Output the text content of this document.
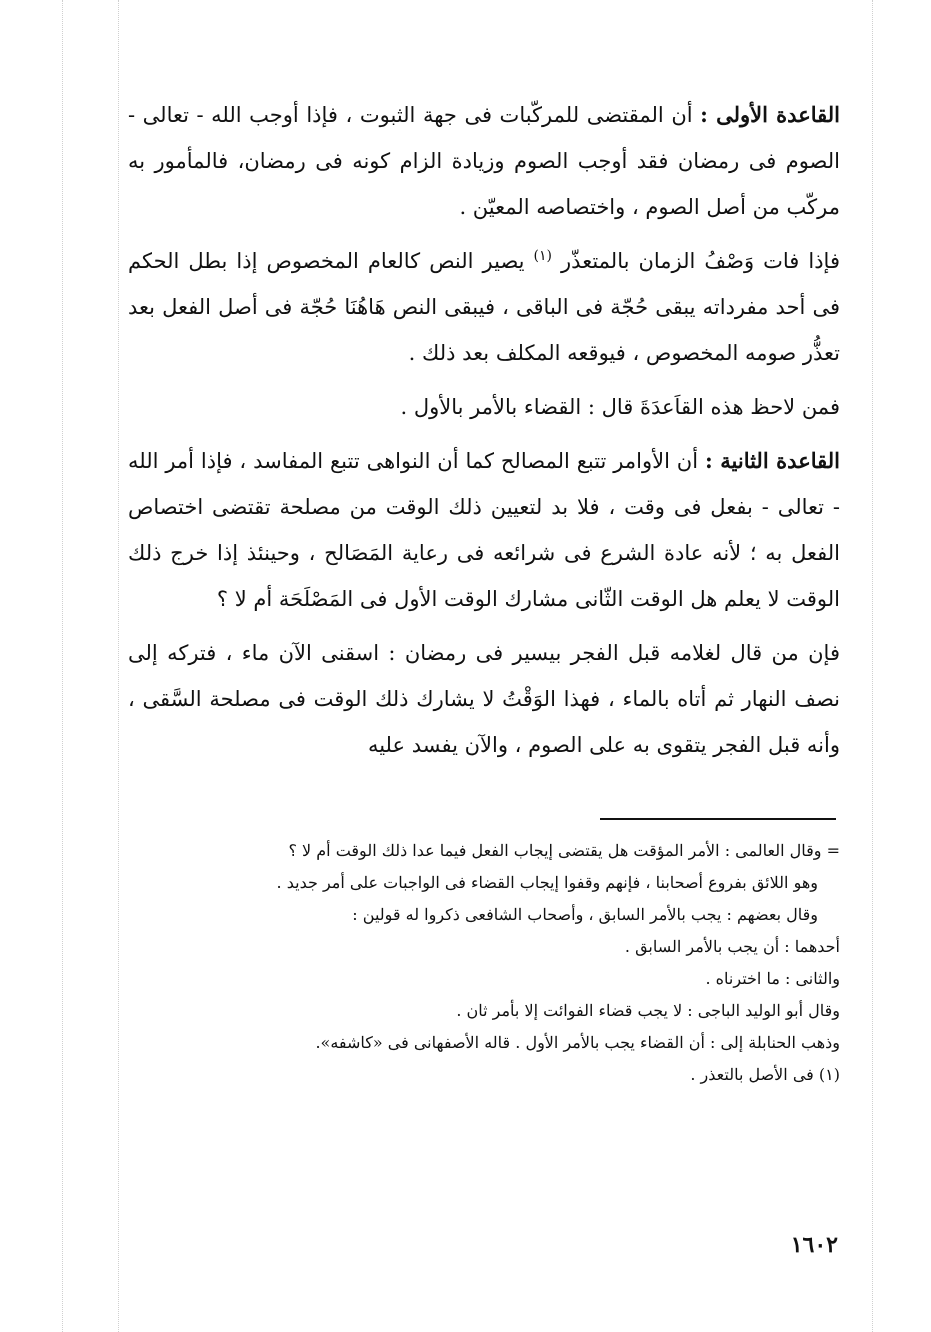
القاعدة الأولى : أن المقتضى للمركّبات فى جهة الثبوت ، فإذا أوجب الله - تعالى - الصوم فى رمضان فقد أوجب الصوم وزيادة الزام كونه فى رمضان، فالمأمور به مركّب من أصل الصوم ، واختصاصه المعيّن .

فإذا فات وَصْفُ الزمان بالمتعذّر $^{(١)}$ يصير النص كالعام المخصوص إذا بطل الحكم فى أحد مفرداته يبقى حُجّة فى الباقى ، فيبقى النص هَاهُنَا حُجّة فى أصل الفعل بعد تعذُّر صومه المخصوص ، فيوقعه المكلف بعد ذلك .

فمن لاحظ هذه القاَعدَةَ قال : القضاء بالأمر بالأول .

القاعدة الثانية : أن الأوامر تتبع المصالح كما أن النواهى تتبع المفاسد ، فإذا أمر الله - تعالى - بفعل فى وقت ، فلا بد لتعيين ذلك الوقت من مصلحة تقتضى اختصاص الفعل به ؛ لأنه عادة الشرع فى شرائعه فى رعاية المَصَالح ، وحينئذ إذا خرج ذلك الوقت لا يعلم هل الوقت الثّانى مشارك الوقت الأول فى المَصْلَحَة أم لا ؟

فإن من قال لغلامه قبل الفجر بيسير فى رمضان : اسقنى الآن ماء ، فتركه إلى نصف النهار ثم أتاه بالماء ، فهذا الوَقْتُ لا يشارك ذلك الوقت فى مصلحة السَّقى ، وأنه قبل الفجر يتقوى به على الصوم ، والآن يفسد عليه

= وقال العالمى : الأمر المؤقت هل يقتضى إيجاب الفعل فيما عدا ذلك الوقت أم لا ؟

وهو اللائق بفروع أصحابنا ، فإنهم وقفوا إيجاب القضاء فى الواجبات على أمر جديد .

وقال بعضهم : يجب بالأمر السابق ، وأصحاب الشافعى ذكروا له قولين :

أحدهما : أن يجب بالأمر السابق .

والثانى : ما اخترناه .

وقال أبو الوليد الباجى : لا يجب قضاء الفوائت إلا بأمر ثان .

وذهب الحنابلة إلى : أن القضاء يجب بالأمر الأول . قاله الأصفهانى فى «كاشفه».

(١) فى الأصل بالتعذر .

١٦٠٢
